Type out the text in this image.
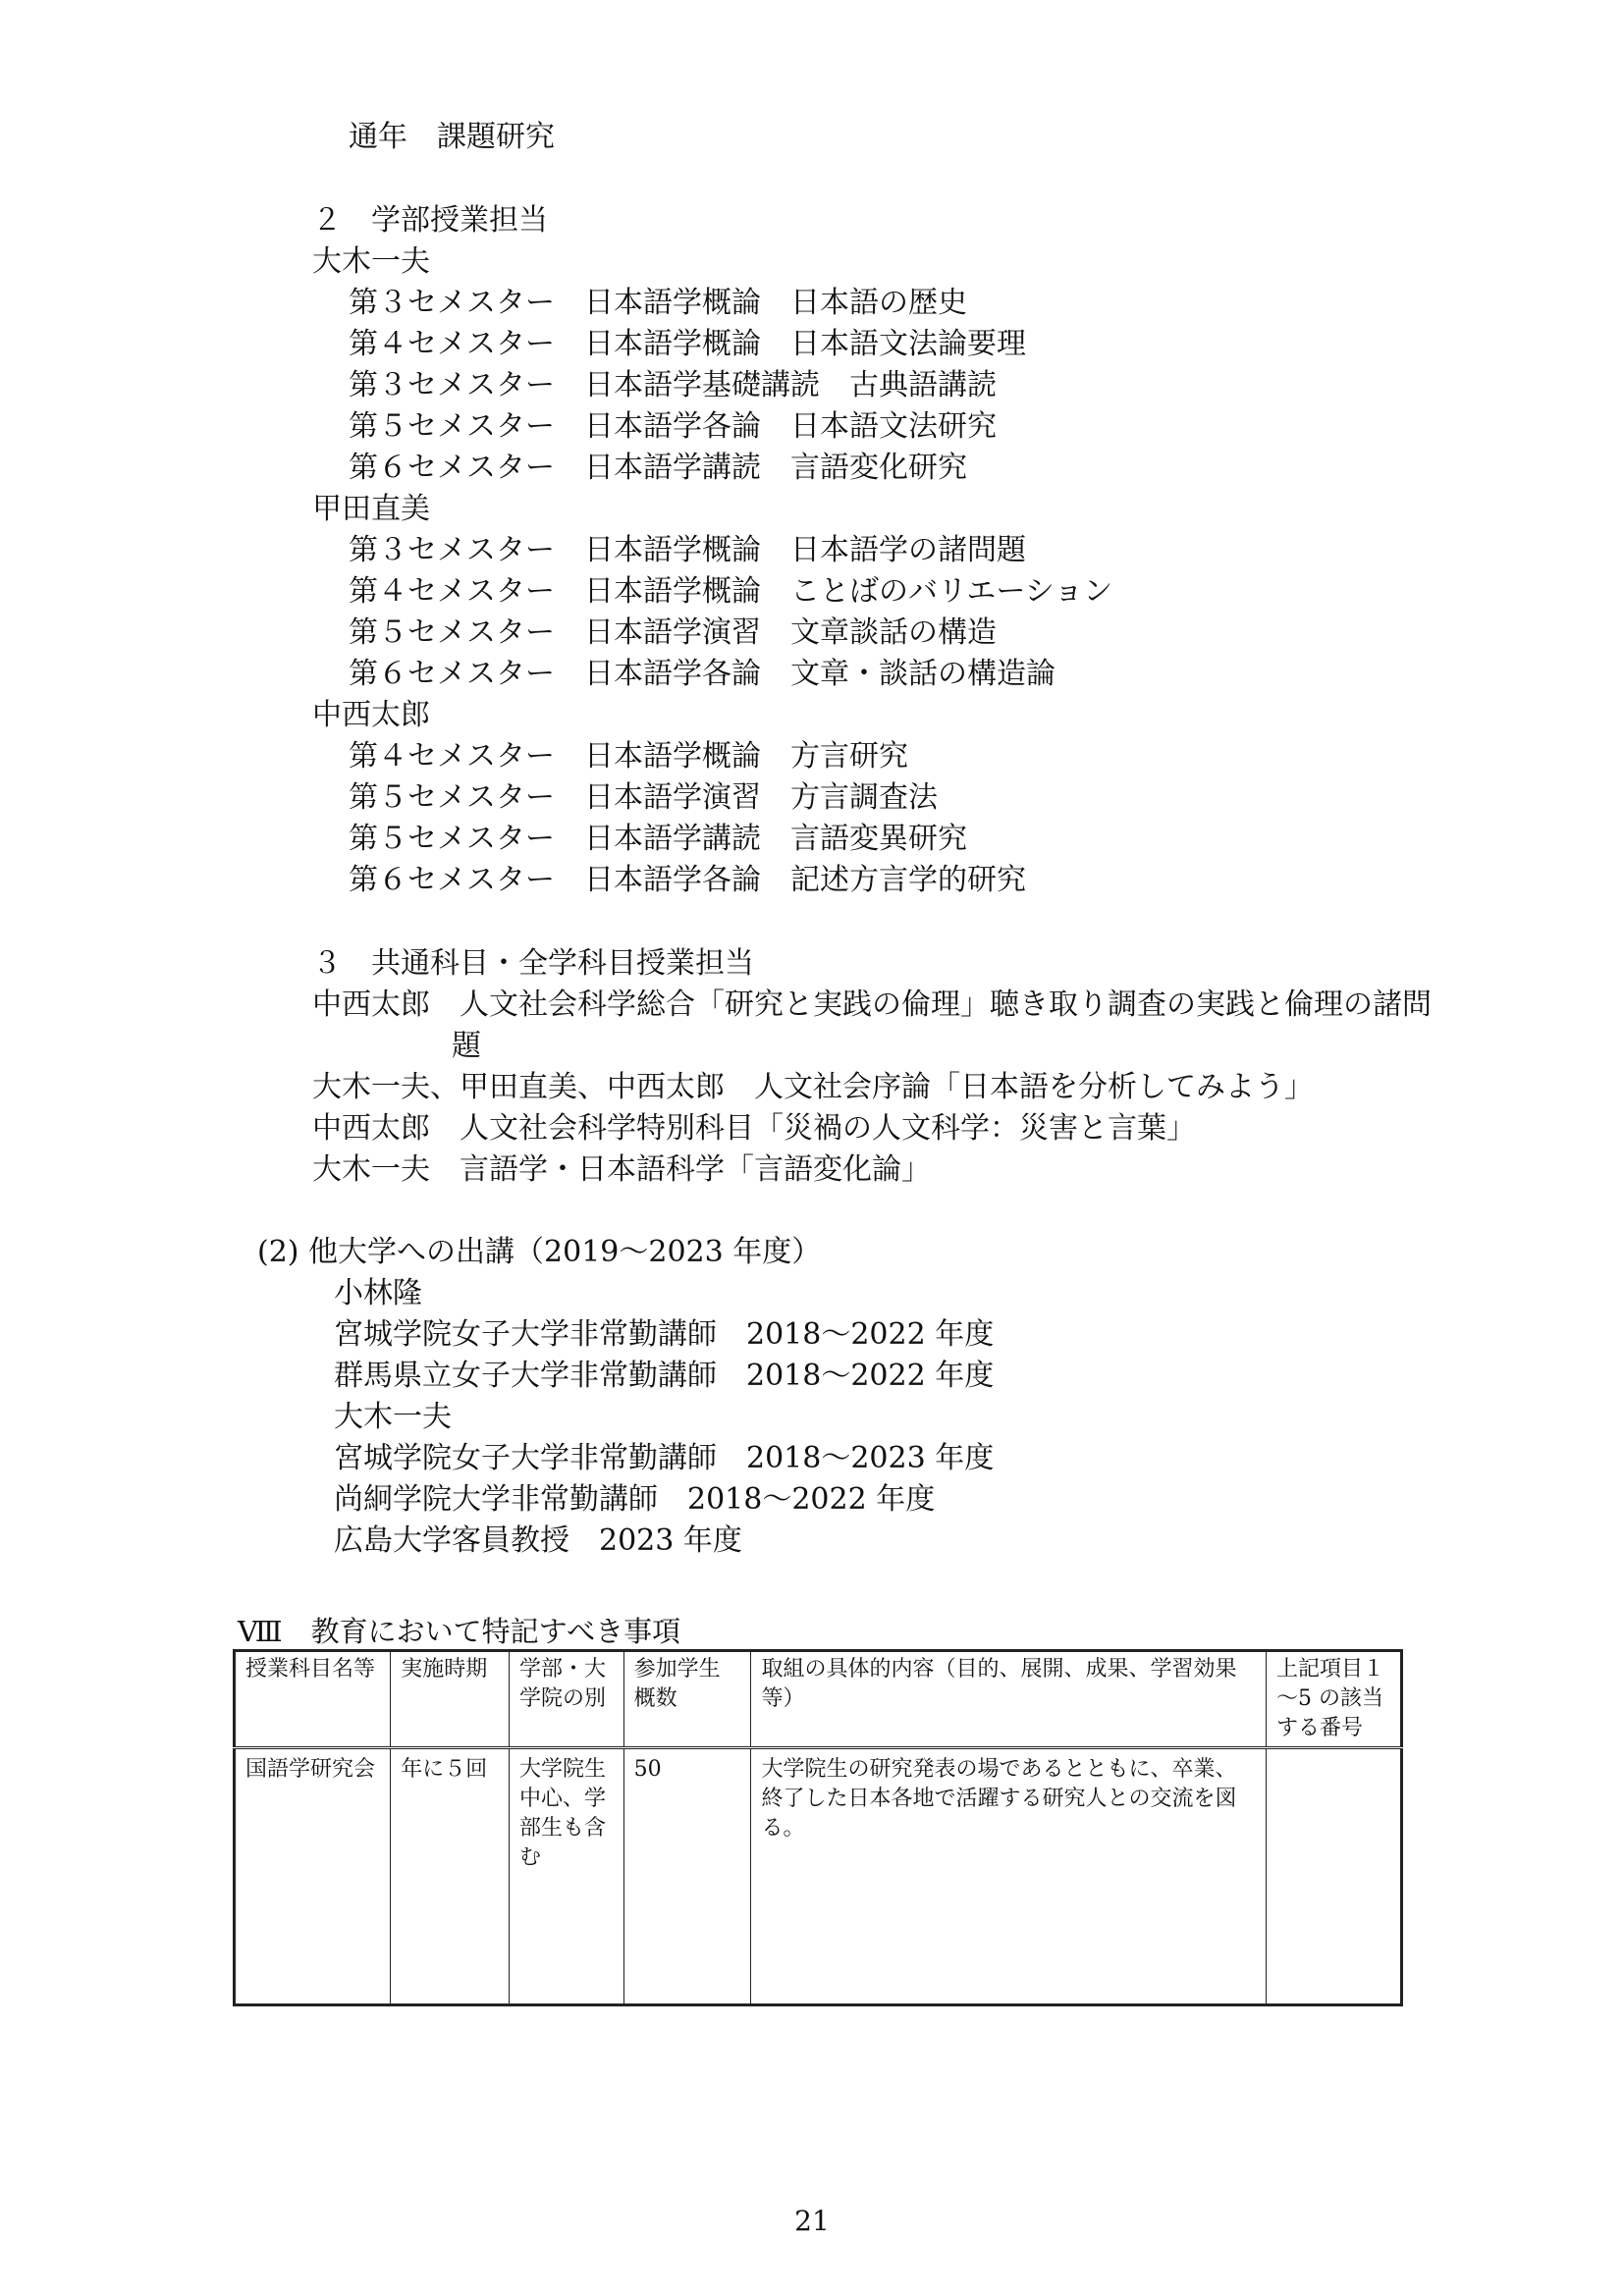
通年　課題研究
２　学部授業担当
大木一夫
第３セメスター　日本語学概論　日本語の歴史
第４セメスター　日本語学概論　日本語文法論要理
第３セメスター　日本語学基礎講読　古典語講読
第５セメスター　日本語学各論　日本語文法研究
第６セメスター　日本語学講読　言語変化研究
甲田直美
第３セメスター　日本語学概論　日本語学の諸問題
第４セメスター　日本語学概論　ことばのバリエーション
第５セメスター　日本語学演習　文章談話の構造
第６セメスター　日本語学各論　文章・談話の構造論
中西太郎
第４セメスター　日本語学概論　方言研究
第５セメスター　日本語学演習　方言調査法
第５セメスター　日本語学講読　言語変異研究
第６セメスター　日本語学各論　記述方言学的研究
３　共通科目・全学科目授業担当
中西太郎　人文社会科学総合「研究と実践の倫理」聴き取り調査の実践と倫理の諸問
題
大木一夫、甲田直美、中西太郎　人文社会序論「日本語を分析してみよう」
中西太郎　人文社会科学特別科目「災禍の人文科学：災害と言葉」
大木一夫　言語学・日本語科学「言語変化論」
(2) 他大学への出講（2019～2023 年度）
小林隆
宮城学院女子大学非常勤講師　2018～2022 年度
群馬県立女子大学非常勤講師　2018～2022 年度
大木一夫
宮城学院女子大学非常勤講師　2018～2023 年度
尚絅学院大学非常勤講師　2018～2022 年度
広島大学客員教授　2023 年度
Ⅷ　教育において特記すべき事項
授業科目名等	実施時期	学部・大学院の別	参加学生概数	取組の具体的内容（目的、展開、成果、学習効果等）	上記項目１～5 の該当する番号
国語学研究会	年に５回	大学院生中心、学部生も含む	50	大学院生の研究発表の場であるとともに、卒業、終了した日本各地で活躍する研究人との交流を図る。	
21
